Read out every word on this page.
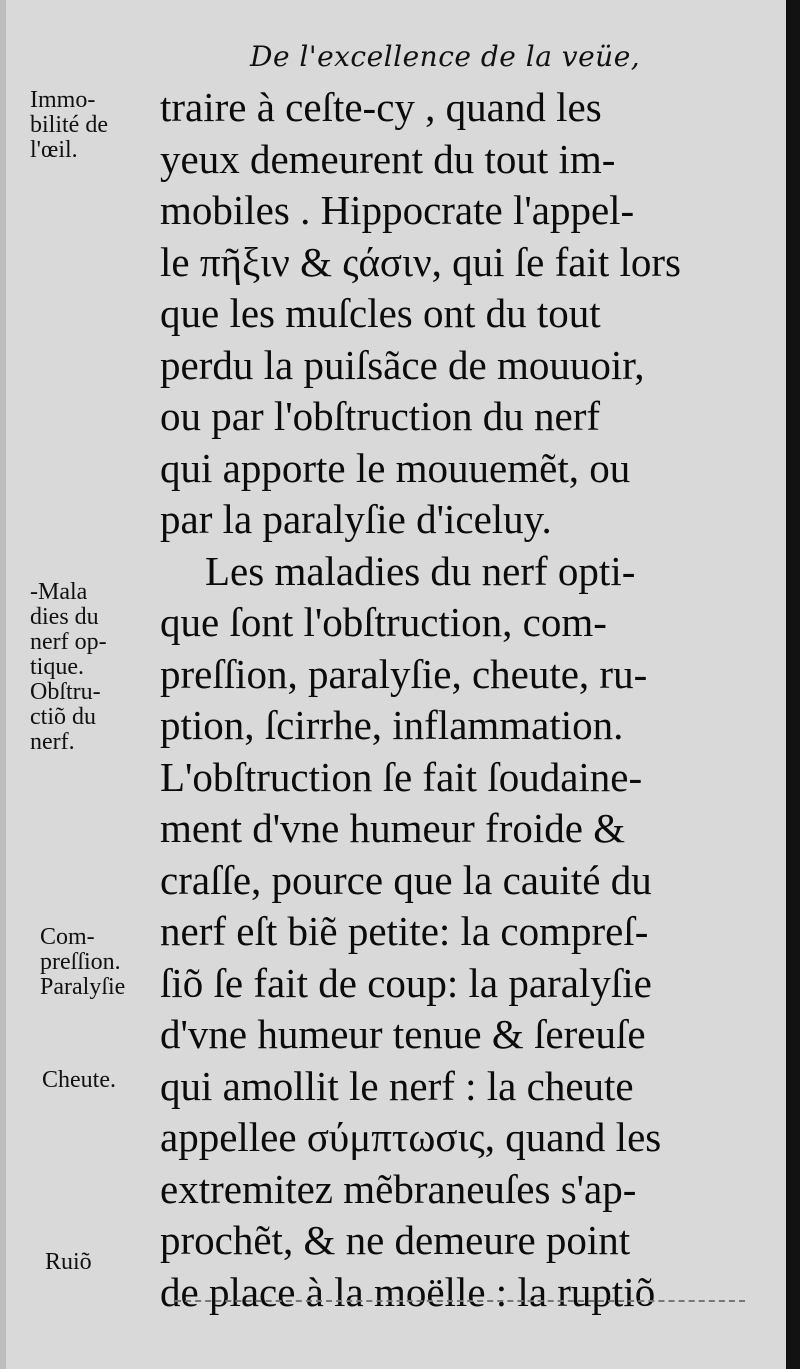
De l'excellence de la veüe,
traire à ceſte-cy , quand les
yeux demeurent du tout im-
mobiles . Hippocrate l'appel-
le πῆξιν & ςάσιν, qui ſe fait lors
que les muſcles ont du tout
perdu la puiſsãce de mouuoir,
ou par l'obſtruction du nerf
qui apporte le mouuemẽt, ou
par la paralyſie d'iceluy.
Les maladies du nerf opti-
que ſont l'obſtruction, com-
preſſion, paralyſie, cheute, ru-
ption, ſcirrhe, inflammation.
L'obſtruction ſe fait ſoudaine-
ment d'vne humeur froide &
craſſe, pource que la cauité du
nerf eſt biẽ petite: la compreſ-
ſiõ ſe fait de coup: la paralyſie
d'vne humeur tenue & ſereuſe
qui amollit le nerf : la cheute
appellee σύμπτωσις, quand les
extremitez mẽbraneuſes s'ap-
prochẽt, & ne demeure point
de place à la moëlle : la ruptiõ
Immo-
bilité de
l'œil.
-Mala
dies du
nerf op-
tique.
Obſtru-
ctiõ du
nerf.
Com-
preſſion.
Paralyſie
Cheute.
Ruiõ
